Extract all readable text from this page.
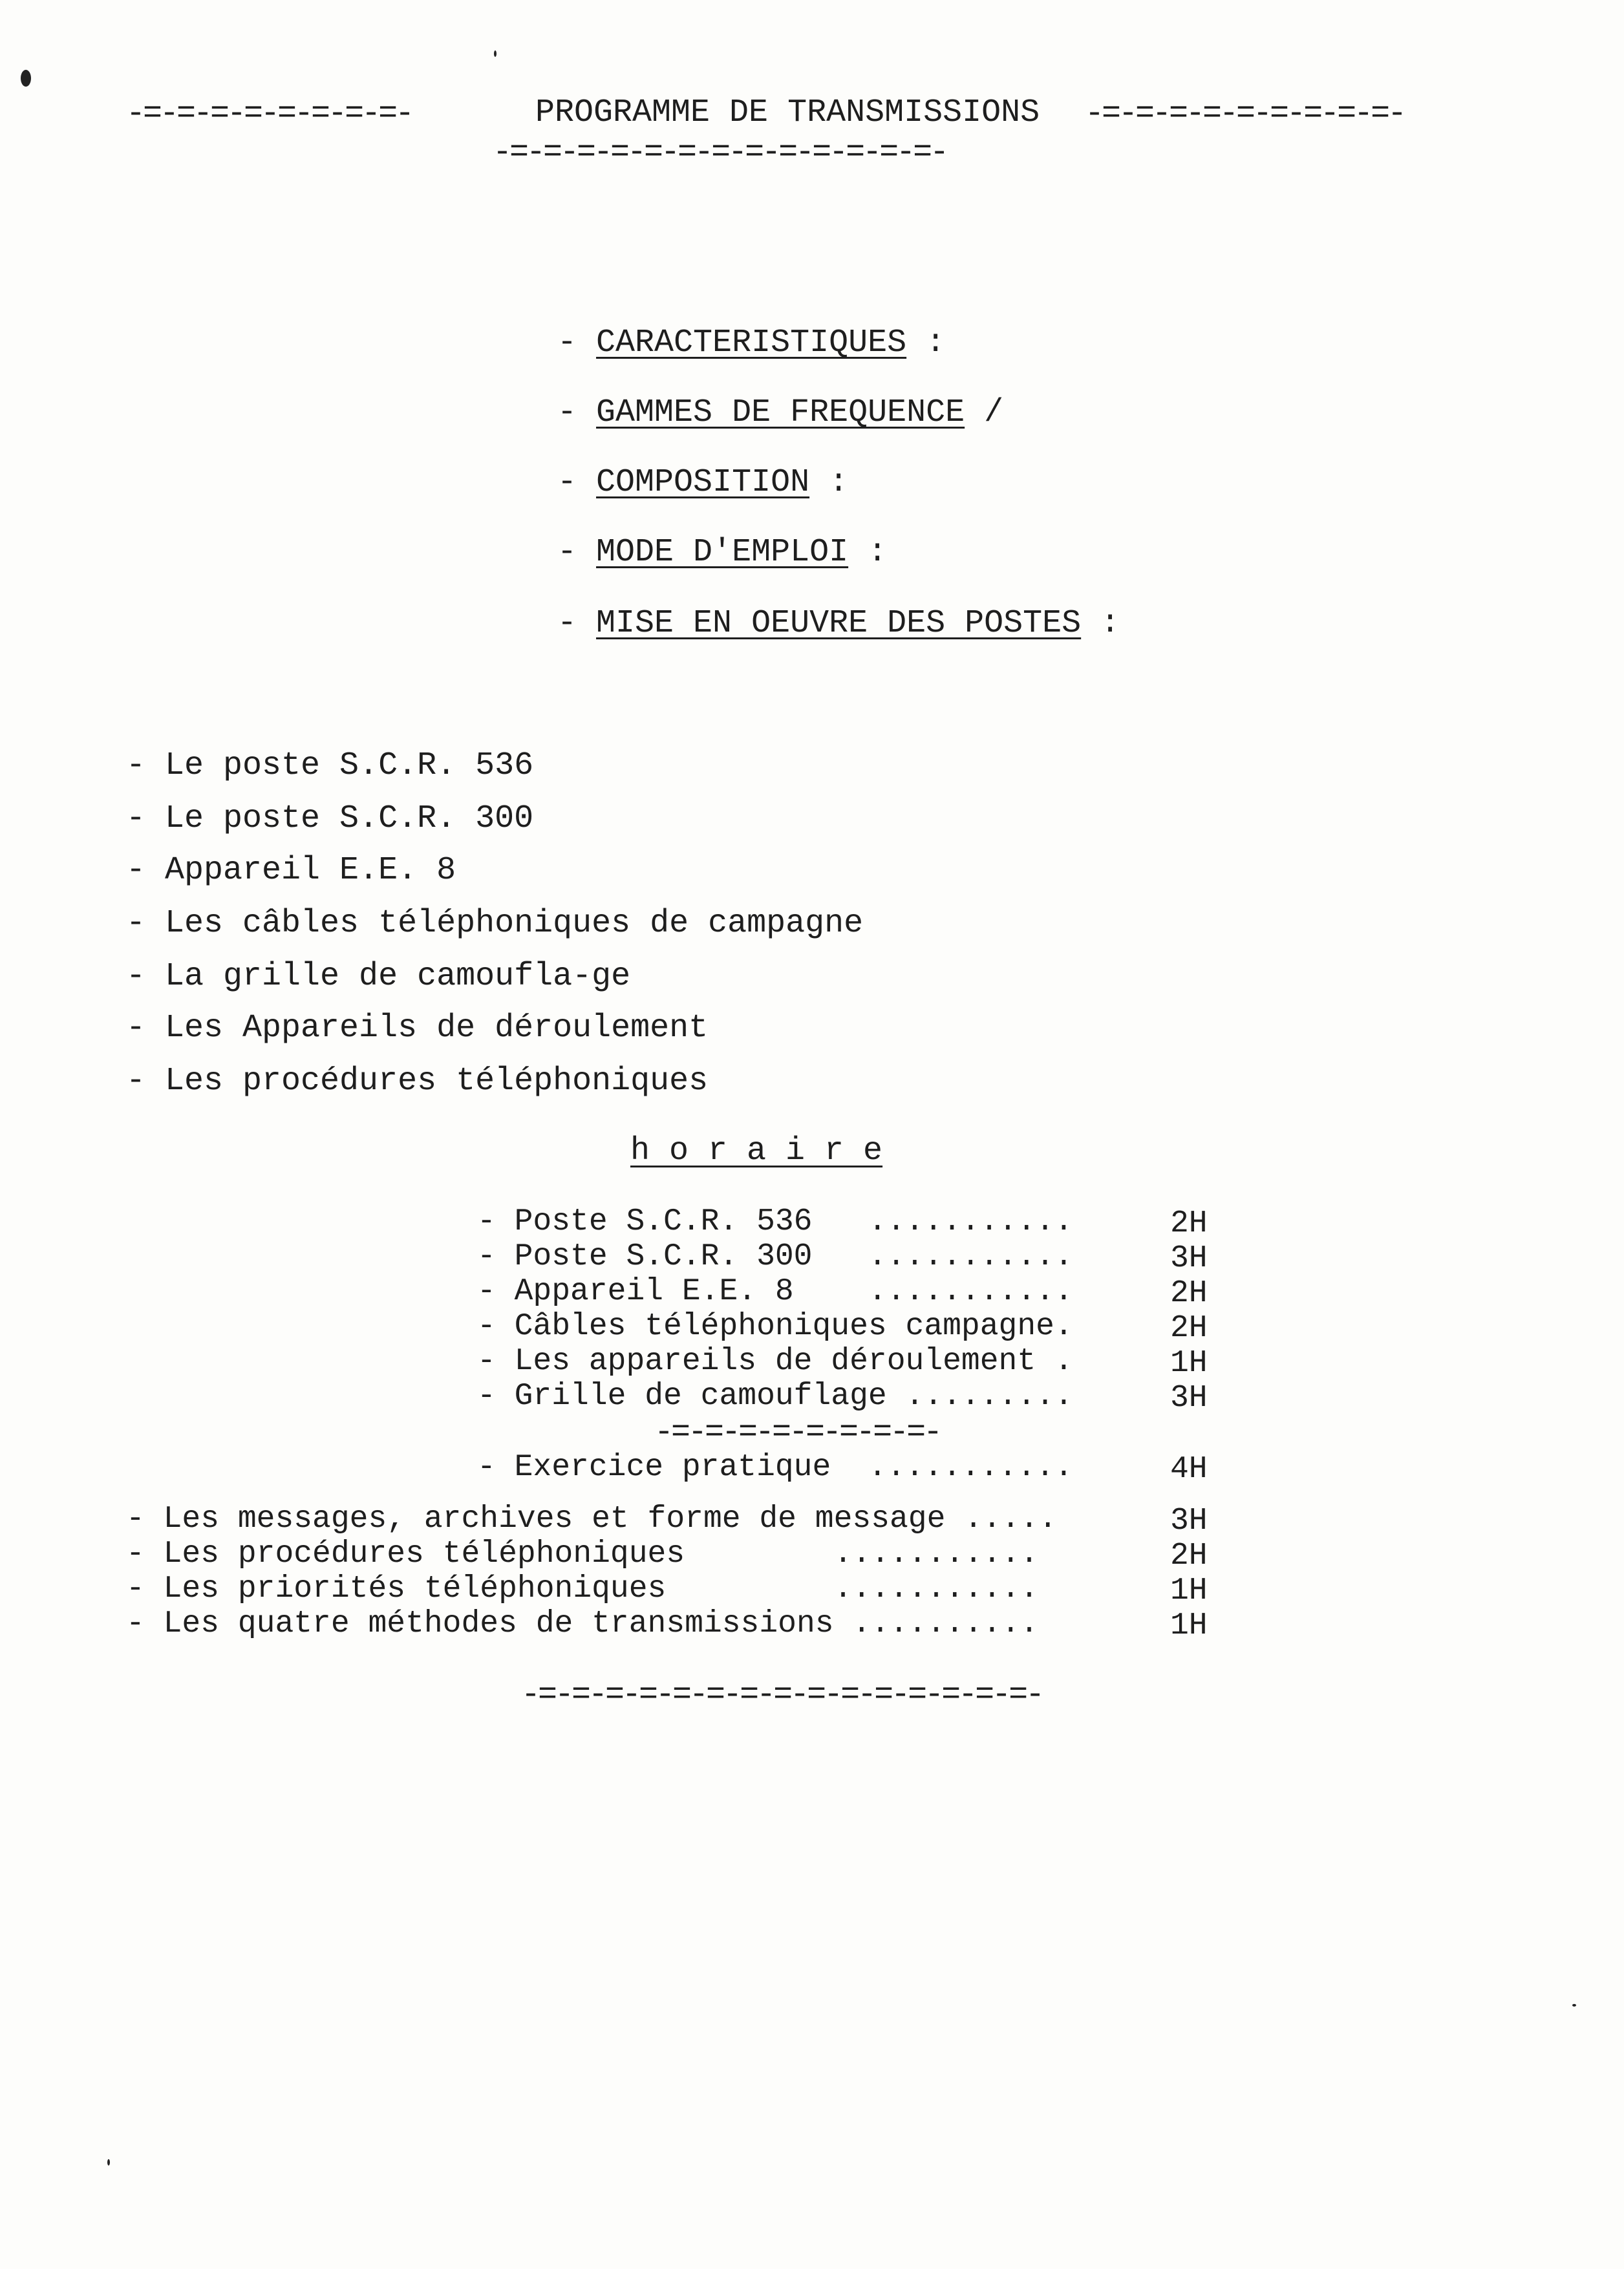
-=-=-=-=-=-=-=-=-	PROGRAMME DE TRANSMISSIONS -=-=-=-=-=-=-=-=-=-
-=-=-=-=-=-=-=-=-=-=-=-=-=-
- CARACTERISTIQUES :
- GAMMES DE FREQUENCE /
- COMPOSITION :
- MODE D'EMPLOI :
- MISE EN OEUVRE DES POSTES :
- Le poste S.C.R. 536
- Le poste S.C.R. 300
- Appareil E.E. 8
- Les câbles téléphoniques de campagne
- La grille de camoufla-ge
- Les Appareils de déroulement
- Les procédures téléphoniques
h o r a i r e
- Poste S.C.R. 536   ...........	2H
- Poste S.C.R. 300   ...........	3H
- Appareil E.E. 8    ...........	2H
- Câbles téléphoniques campagne.	2H
- Les appareils de déroulement .	1H
- Grille de camouflage .........	3H
-=-=-=-=-=-=-=-=-
- Exercice pratique  ...........	4H
- Les messages, archives et forme de message .....	3H
- Les procédures téléphoniques        ...........	2H
- Les priorités téléphoniques         ...........	1H
- Les quatre méthodes de transmissions ..........	1H
-=-=-=-=-=-=-=-=-=-=-=-=-=-=-=-
